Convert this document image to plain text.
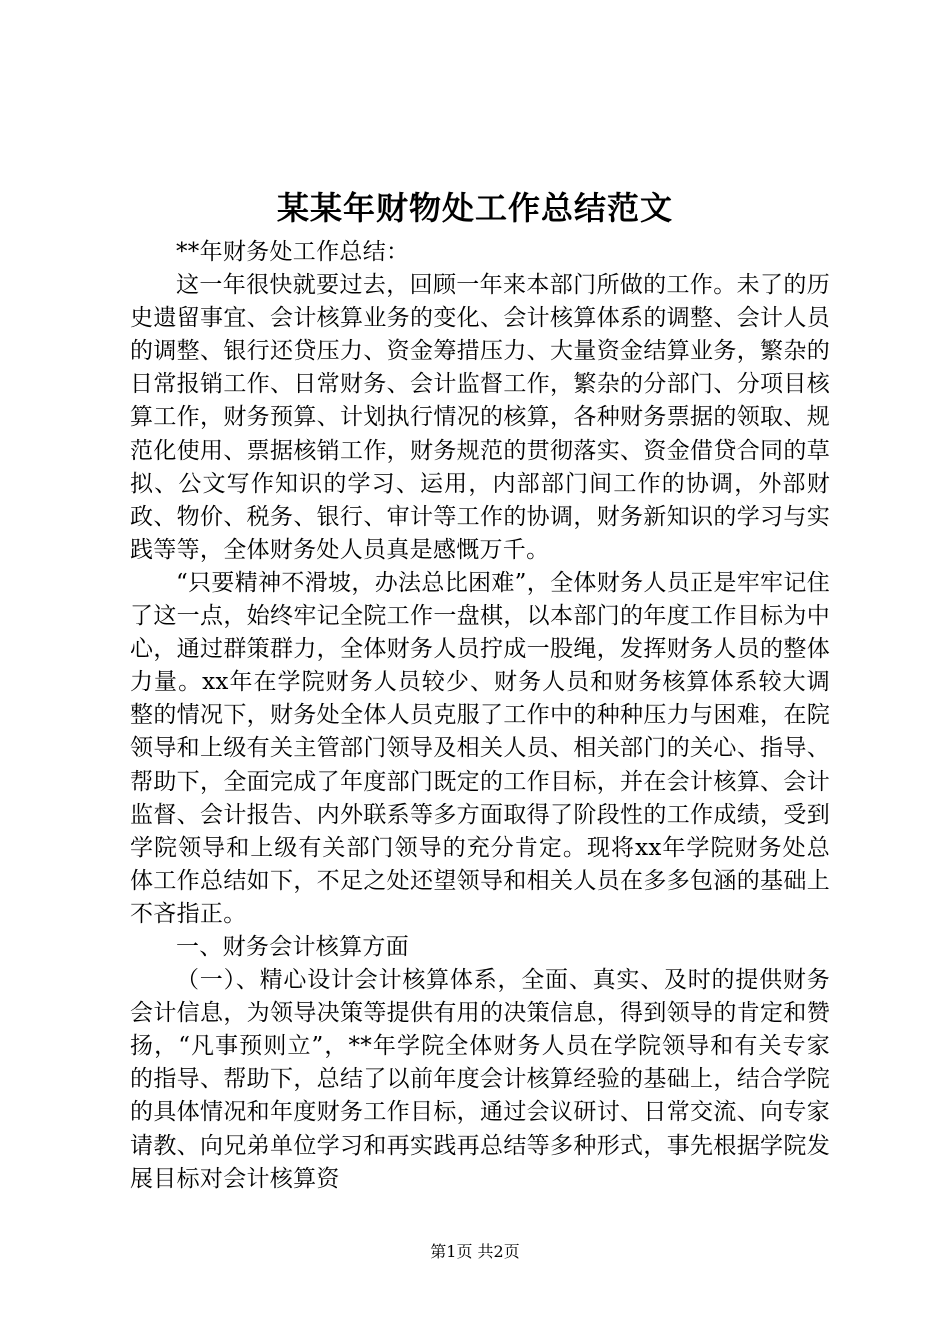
某某年财物处工作总结范文

**年财务处工作总结：

这一年很快就要过去，回顾一年来本部门所做的工作。未了的历史遗留事宜、会计核算业务的变化、会计核算体系的调整、会计人员的调整、银行还贷压力、资金筹措压力、大量资金结算业务，繁杂的日常报销工作、日常财务、会计监督工作，繁杂的分部门、分项目核算工作，财务预算、计划执行情况的核算，各种财务票据的领取、规范化使用、票据核销工作，财务规范的贯彻落实、资金借贷合同的草拟、公文写作知识的学习、运用，内部部门间工作的协调，外部财政、物价、税务、银行、审计等工作的协调，财务新知识的学习与实践等等，全体财务处人员真是感慨万千。

“只要精神不滑坡，办法总比困难”，全体财务人员正是牢牢记住了这一点，始终牢记全院工作一盘棋，以本部门的年度工作目标为中心，通过群策群力，全体财务人员拧成一股绳，发挥财务人员的整体力量。xx年在学院财务人员较少、财务人员和财务核算体系较大调整的情况下，财务处全体人员克服了工作中的种种压力与困难，在院领导和上级有关主管部门领导及相关人员、相关部门的关心、指导、帮助下，全面完成了年度部门既定的工作目标，并在会计核算、会计监督、会计报告、内外联系等多方面取得了阶段性的工作成绩，受到学院领导和上级有关部门领导的充分肯定。现将xx年学院财务处总体工作总结如下，不足之处还望领导和相关人员在多多包涵的基础上不吝指正。

一、财务会计核算方面

（一）、精心设计会计核算体系，全面、真实、及时的提供财务会计信息，为领导决策等提供有用的决策信息，得到领导的肯定和赞扬，“凡事预则立”，**年学院全体财务人员在学院领导和有关专家的指导、帮助下，总结了以前年度会计核算经验的基础上，结合学院的具体情况和年度财务工作目标，通过会议研讨、日常交流、向专家请教、向兄弟单位学习和再实践再总结等多种形式，事先根据学院发展目标对会计核算资

第1页 共2页
